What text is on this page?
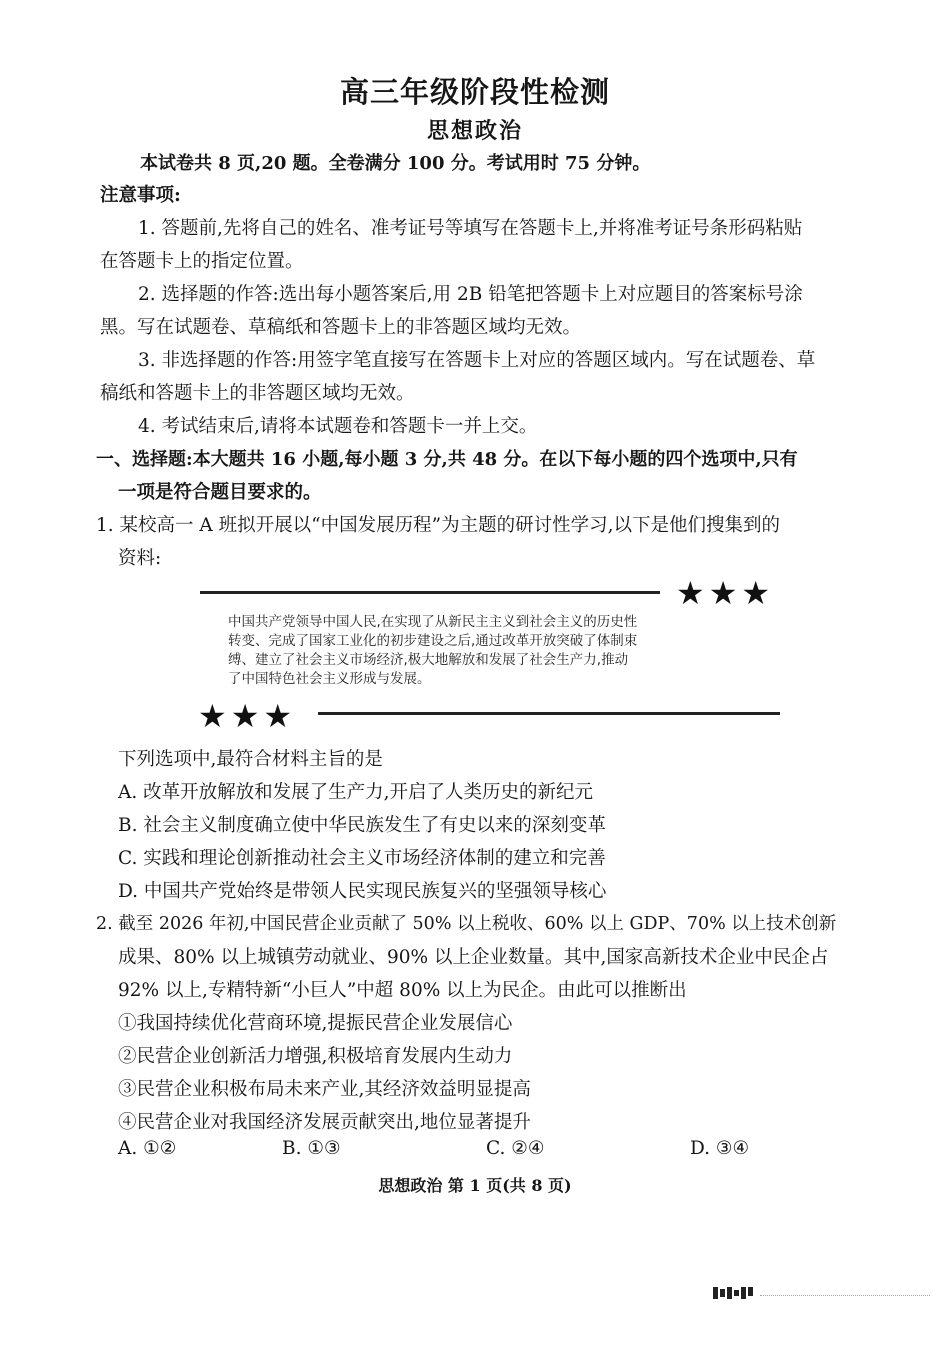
高三年级阶段性检测
思想政治
本试卷共 8 页,20 题。全卷满分 100 分。考试用时 75 分钟。
注意事项:
1. 答题前,先将自己的姓名、准考证号等填写在答题卡上,并将准考证号条形码粘贴
在答题卡上的指定位置。
2. 选择题的作答:选出每小题答案后,用 2B 铅笔把答题卡上对应题目的答案标号涂
黑。写在试题卷、草稿纸和答题卡上的非答题区域均无效。
3. 非选择题的作答:用签字笔直接写在答题卡上对应的答题区域内。写在试题卷、草
稿纸和答题卡上的非答题区域均无效。
4. 考试结束后,请将本试题卷和答题卡一并上交。
一、选择题:本大题共 16 小题,每小题 3 分,共 48 分。在以下每小题的四个选项中,只有
一项是符合题目要求的。
1. 某校高一 A 班拟开展以“中国发展历程”为主题的研讨性学习,以下是他们搜集到的
资料:
★★★
中国共产党领导中国人民,在实现了从新民主主义到社会主义的历史性
转变、完成了国家工业化的初步建设之后,通过改革开放突破了体制束
缚、建立了社会主义市场经济,极大地解放和发展了社会生产力,推动
了中国特色社会主义形成与发展。
★★★
下列选项中,最符合材料主旨的是
A. 改革开放解放和发展了生产力,开启了人类历史的新纪元
B. 社会主义制度确立使中华民族发生了有史以来的深刻变革
C. 实践和理论创新推动社会主义市场经济体制的建立和完善
D. 中国共产党始终是带领人民实现民族复兴的坚强领导核心
2. 截至 2026 年初,中国民营企业贡献了 50% 以上税收、60% 以上 GDP、70% 以上技术创新
成果、80% 以上城镇劳动就业、90% 以上企业数量。其中,国家高新技术企业中民企占
92% 以上,专精特新“小巨人”中超 80% 以上为民企。由此可以推断出
①我国持续优化营商环境,提振民营企业发展信心
②民营企业创新活力增强,积极培育发展内生动力
③民营企业积极布局未来产业,其经济效益明显提高
④民营企业对我国经济发展贡献突出,地位显著提升
A. ①②	B. ①③	C. ②④	D. ③④
思想政治 第 1 页(共 8 页)
